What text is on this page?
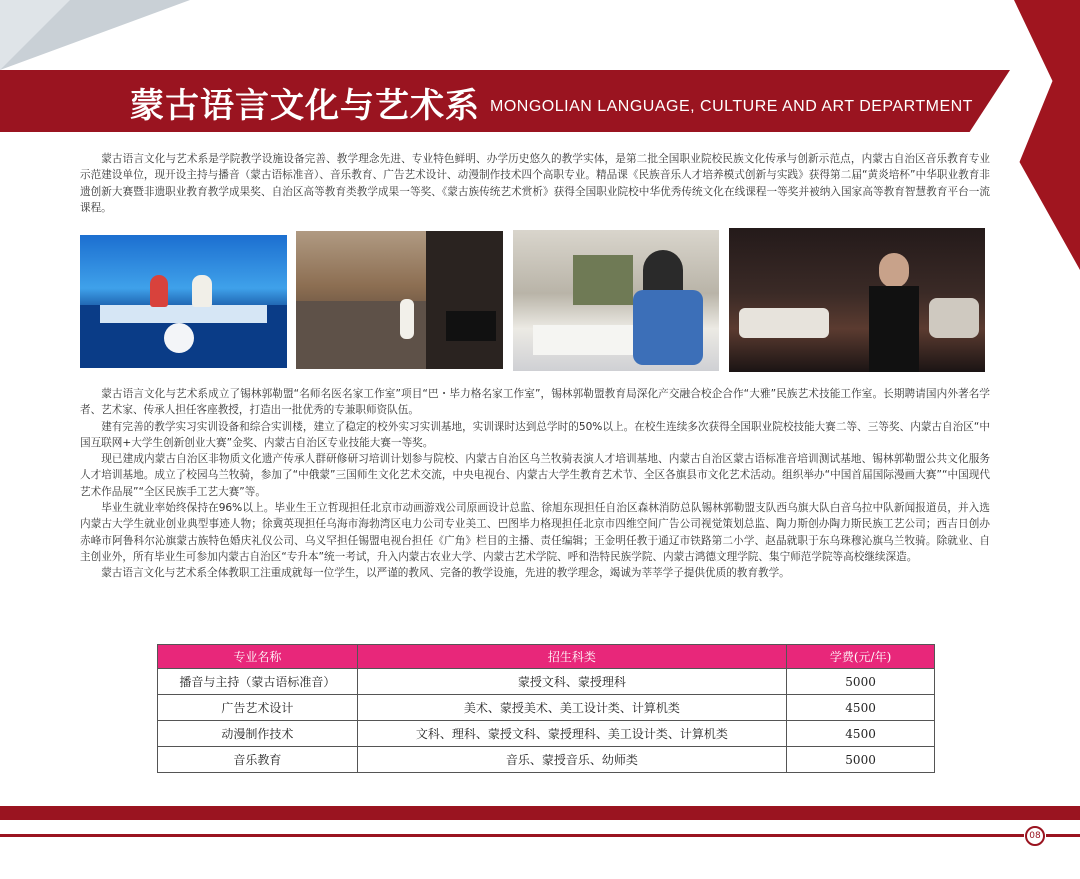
蒙古语言文化与艺术系 MONGOLIAN LANGUAGE, CULTURE AND ART DEPARTMENT

蒙古语言文化与艺术系是学院教学设施设备完善、教学理念先进、专业特色鲜明、办学历史悠久的教学实体，是第二批全国职业院校民族文化传承与创新示范点，内蒙古自治区音乐教育专业示范建设单位，现开设主持与播音（蒙古语标准音）、音乐教育、广告艺术设计、动漫制作技术四个高职专业。精品课《民族音乐人才培养模式创新与实践》获得第二届“黄炎培杯”中华职业教育非遗创新大赛暨非遗职业教育教学成果奖、自治区高等教育类教学成果一等奖、《蒙古族传统艺术赏析》获得全国职业院校中华优秀传统文化在线课程一等奖并被纳入国家高等教育智慧教育平台一流课程。

蒙古语言文化与艺术系成立了锡林郭勒盟“名师名医名家工作室”项目“巴・毕力格名家工作室”，锡林郭勒盟教育局深化产交融合校企合作“大雅”民族艺术技能工作室。长期聘请国内外著名学者、艺术家、传承人担任客座教授，打造出一批优秀的专兼职师资队伍。

建有完善的教学实习实训设备和综合实训楼，建立了稳定的校外实习实训基地，实训课时达到总学时的50%以上。在校生连续多次获得全国职业院校技能大赛二等、三等奖、内蒙古自治区“中国互联网+大学生创新创业大赛”金奖、内蒙古自治区专业技能大赛一等奖。

现已建成内蒙古自治区非物质文化遗产传承人群研修研习培训计划参与院校、内蒙古自治区乌兰牧骑表演人才培训基地、内蒙古自治区蒙古语标准音培训测试基地、锡林郭勒盟公共文化服务人才培训基地。成立了校园乌兰牧骑，参加了“中俄蒙”三国师生文化艺术交流，中央电视台、内蒙古大学生教育艺术节、全区各旗县市文化艺术活动。组织举办“中国首届国际漫画大赛”“中国现代艺术作品展”“全区民族手工艺大赛”等。

毕业生就业率始终保持在96%以上。毕业生王立哲现担任北京市动画游戏公司原画设计总监、徐旭东现担任自治区森林消防总队锡林郭勒盟支队西乌旗大队白音乌拉中队新闻报道员，并入选内蒙古大学生就业创业典型事迹人物；徐冀英现担任乌海市海勃湾区电力公司专业美工、巴图毕力格现担任北京市四维空间广告公司视觉策划总监、陶力斯创办陶力斯民族工艺公司；西吉日创办赤峰市阿鲁科尔沁旗蒙古族特色婚庆礼仪公司、乌义罕担任锡盟电视台担任《广角》栏目的主播、责任编辑；王金明任教于通辽市铁路第二小学、赵晶就职于东乌珠穆沁旗乌兰牧骑。除就业、自主创业外，所有毕业生可参加内蒙古自治区“专升本”统一考试，升入内蒙古农业大学、内蒙古艺术学院、呼和浩特民族学院、内蒙古鸿德文理学院、集宁师范学院等高校继续深造。

蒙古语言文化与艺术系全体教职工注重成就每一位学生，以严谨的教风、完备的教学设施，先进的教学理念，竭诚为莘莘学子提供优质的教育教学。

专业名称	招生科类	学费(元/年)
播音与主持（蒙古语标准音）	蒙授文科、蒙授理科	5000
广告艺术设计	美术、蒙授美术、美工设计类、计算机类	4500
动漫制作技术	文科、理科、蒙授文科、蒙授理科、美工设计类、计算机类	4500
音乐教育	音乐、蒙授音乐、幼师类	5000
08
